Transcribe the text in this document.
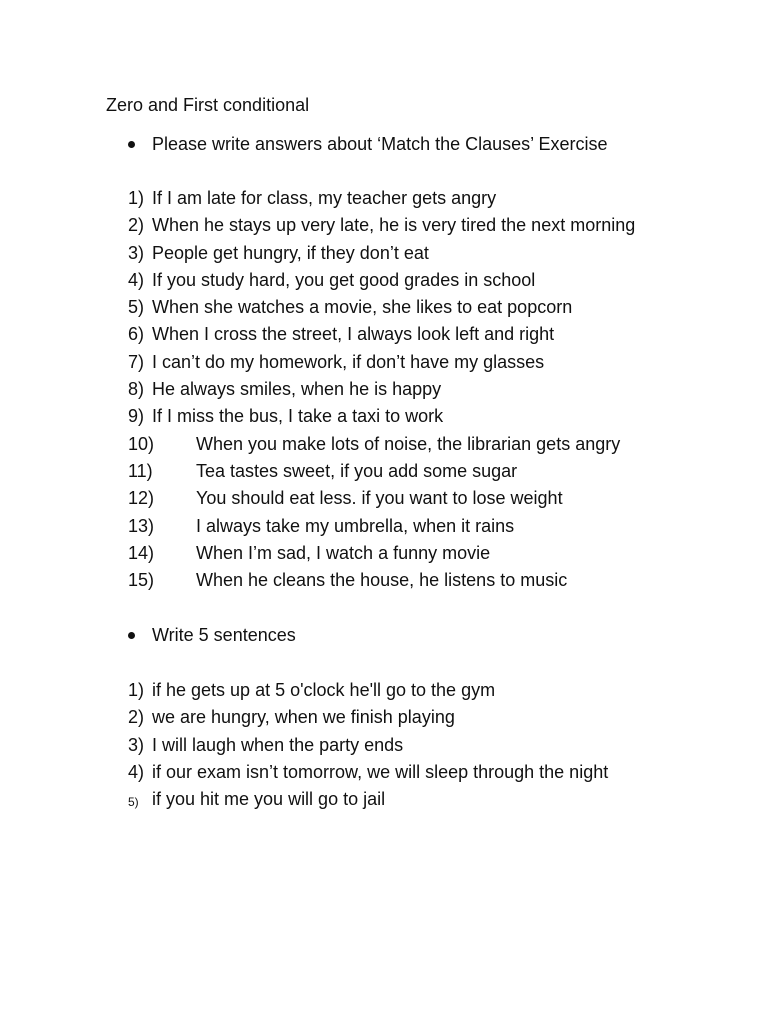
Zero and First conditional
Please write answers about ‘Match the Clauses’ Exercise
1) If I am late for class, my teacher gets angry
2) When he stays up very late, he is very tired the next morning
3) People get hungry, if they don’t eat
4) If you study hard, you get good grades in school
5) When she watches a movie, she likes to eat popcorn
6) When I cross the street, I always look left and right
7) I can’t do my homework, if don’t have my glasses
8) He always smiles, when he is happy
9) If I miss the bus, I take a taxi to work
10) When you make lots of noise, the librarian gets angry
11) Tea tastes sweet, if you add some sugar
12) You should eat less. if you want to lose weight
13) I always take my umbrella, when it rains
14) When I’m sad, I watch a funny movie
15) When he cleans the house, he listens to music
Write 5 sentences
1) if he gets up at 5 o'clock he'll go to the gym
2) we are hungry, when we finish playing
3) I will laugh when the party ends
4) if our exam isn’t tomorrow, we will sleep through the night
5) if you hit me you will go to jail
